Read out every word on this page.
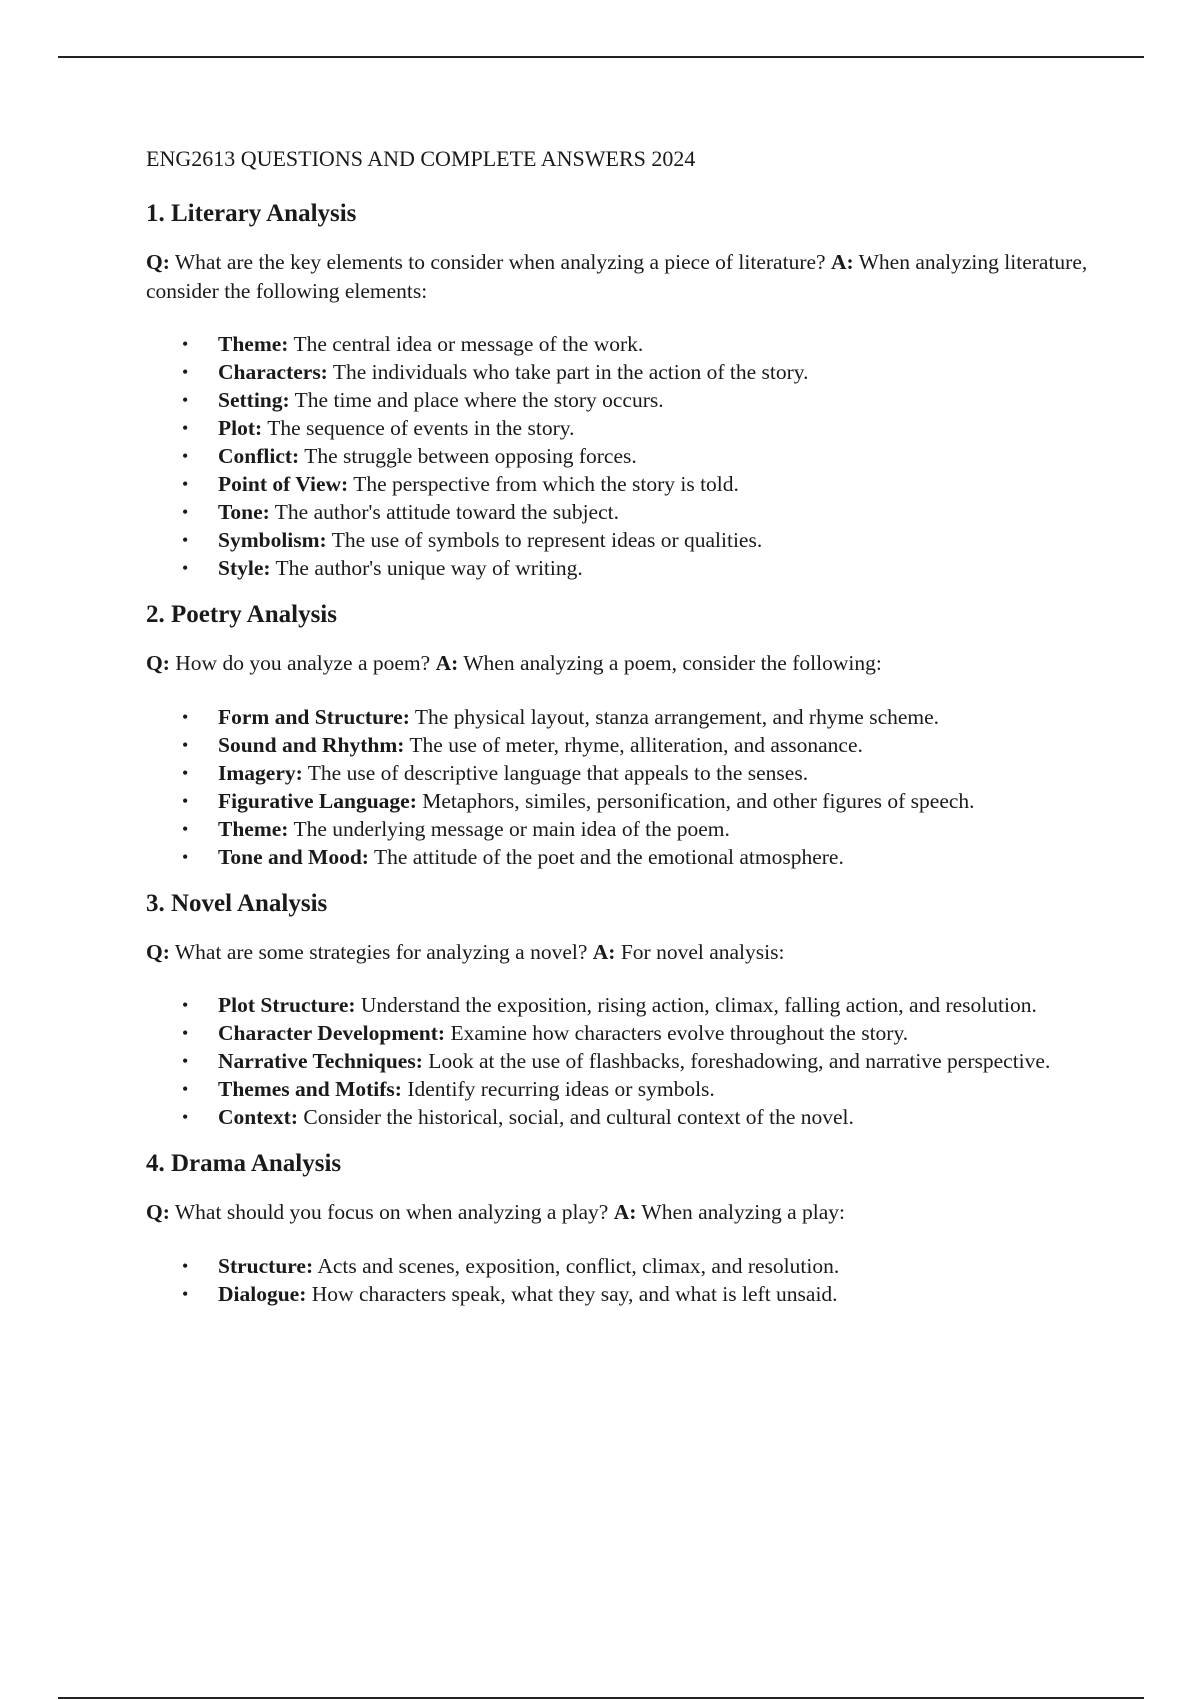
ENG2613 QUESTIONS AND COMPLETE ANSWERS 2024
1. Literary Analysis
Q: What are the key elements to consider when analyzing a piece of literature? A: When analyzing literature, consider the following elements:
• Theme: The central idea or message of the work.
• Characters: The individuals who take part in the action of the story.
• Setting: The time and place where the story occurs.
• Plot: The sequence of events in the story.
• Conflict: The struggle between opposing forces.
• Point of View: The perspective from which the story is told.
• Tone: The author's attitude toward the subject.
• Symbolism: The use of symbols to represent ideas or qualities.
• Style: The author's unique way of writing.
2. Poetry Analysis
Q: How do you analyze a poem? A: When analyzing a poem, consider the following:
• Form and Structure: The physical layout, stanza arrangement, and rhyme scheme.
• Sound and Rhythm: The use of meter, rhyme, alliteration, and assonance.
• Imagery: The use of descriptive language that appeals to the senses.
• Figurative Language: Metaphors, similes, personification, and other figures of speech.
• Theme: The underlying message or main idea of the poem.
• Tone and Mood: The attitude of the poet and the emotional atmosphere.
3. Novel Analysis
Q: What are some strategies for analyzing a novel? A: For novel analysis:
• Plot Structure: Understand the exposition, rising action, climax, falling action, and resolution.
• Character Development: Examine how characters evolve throughout the story.
• Narrative Techniques: Look at the use of flashbacks, foreshadowing, and narrative perspective.
• Themes and Motifs: Identify recurring ideas or symbols.
• Context: Consider the historical, social, and cultural context of the novel.
4. Drama Analysis
Q: What should you focus on when analyzing a play? A: When analyzing a play:
• Structure: Acts and scenes, exposition, conflict, climax, and resolution.
• Dialogue: How characters speak, what they say, and what is left unsaid.
